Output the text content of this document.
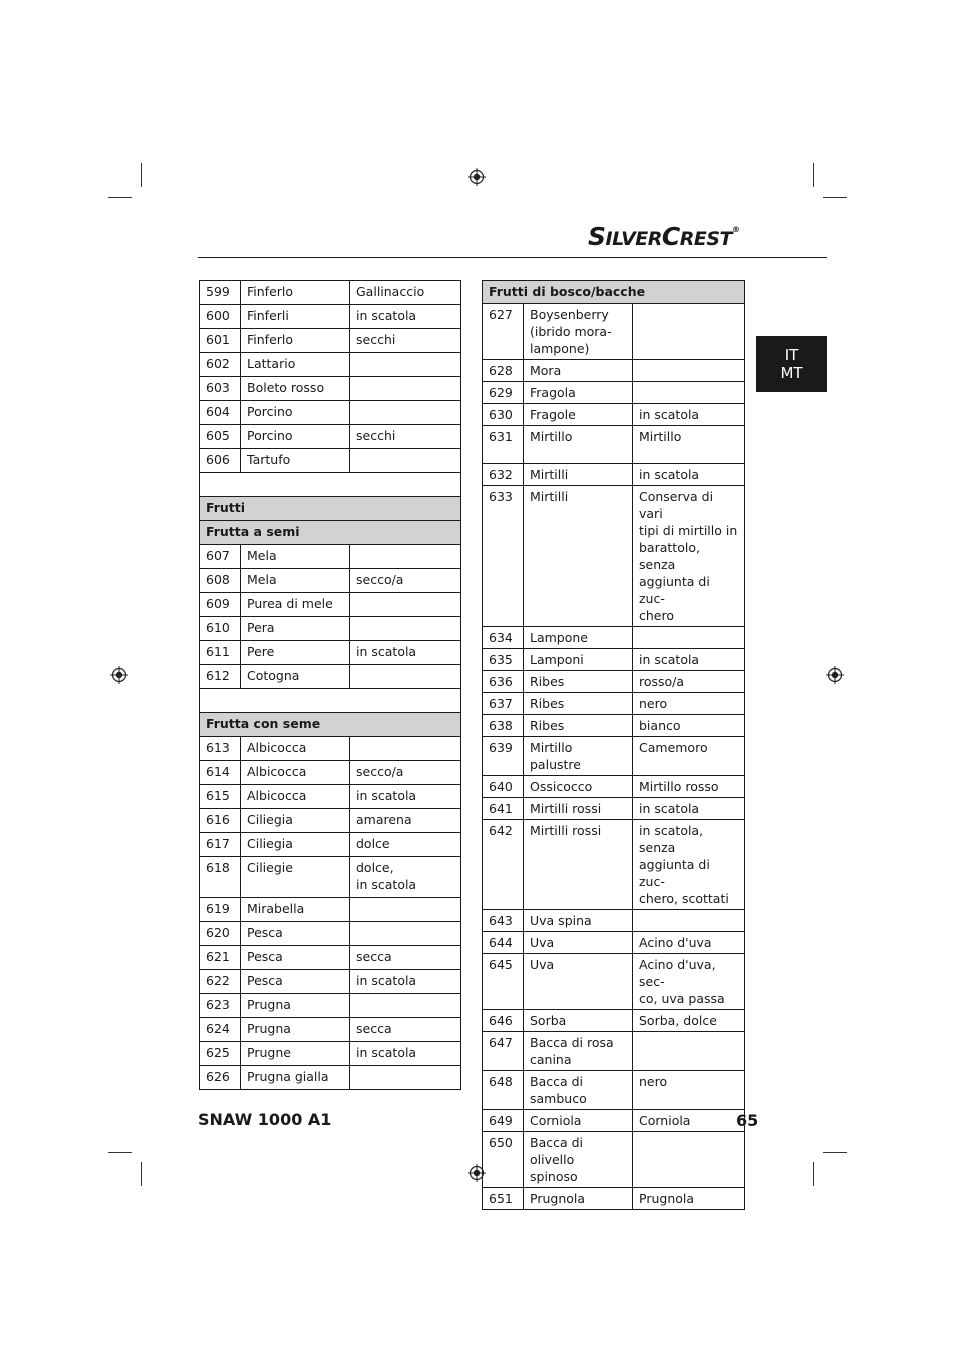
SILVERCREST®
IT
MT
599	Finferlo	Gallinaccio
600	Finferli	in scatola
601	Finferlo	secchi
602	Lattario	
603	Boleto rosso	
604	Porcino	
605	Porcino	secchi
606	Tartufo	

Frutti		
Frutta a semi		
607	Mela	
608	Mela	secco/a
609	Purea di mele	
610	Pera	
611	Pere	in scatola
612	Cotogna	

Frutta con seme		
613	Albicocca	
614	Albicocca	secco/a
615	Albicocca	in scatola
616	Ciliegia	amarena
617	Ciliegia	dolce
618	Ciliegie	dolce,
in scatola
619	Mirabella	
620	Pesca	
621	Pesca	secca
622	Pesca	in scatola
623	Prugna	
624	Prugna	secca
625	Prugne	in scatola
626	Prugna gialla	
Frutti di bosco/bacche		
627	Boysenberry
(ibrido mora-
lampone)	
628	Mora	
629	Fragola	
630	Fragole	in scatola
631	Mirtillo	Mirtillo

632	Mirtilli	in scatola
633	Mirtilli	Conserva di vari
tipi di mirtillo in
barattolo, senza
aggiunta di zuc-
chero
634	Lampone	
635	Lamponi	in scatola
636	Ribes	rosso/a
637	Ribes	nero
638	Ribes	bianco
639	Mirtillo palustre	Camemoro
640	Ossicocco	Mirtillo rosso
641	Mirtilli rossi	in scatola
642	Mirtilli rossi	in scatola, senza
aggiunta di zuc-
chero, scottati
643	Uva spina	
644	Uva	Acino d'uva
645	Uva	Acino d'uva, sec-
co, uva passa
646	Sorba	Sorba, dolce
647	Bacca di rosa
canina	
648	Bacca di
sambuco	nero
649	Corniola	Corniola
650	Bacca di olivello
spinoso	
651	Prugnola	Prugnola
SNAW 1000 A1	65
